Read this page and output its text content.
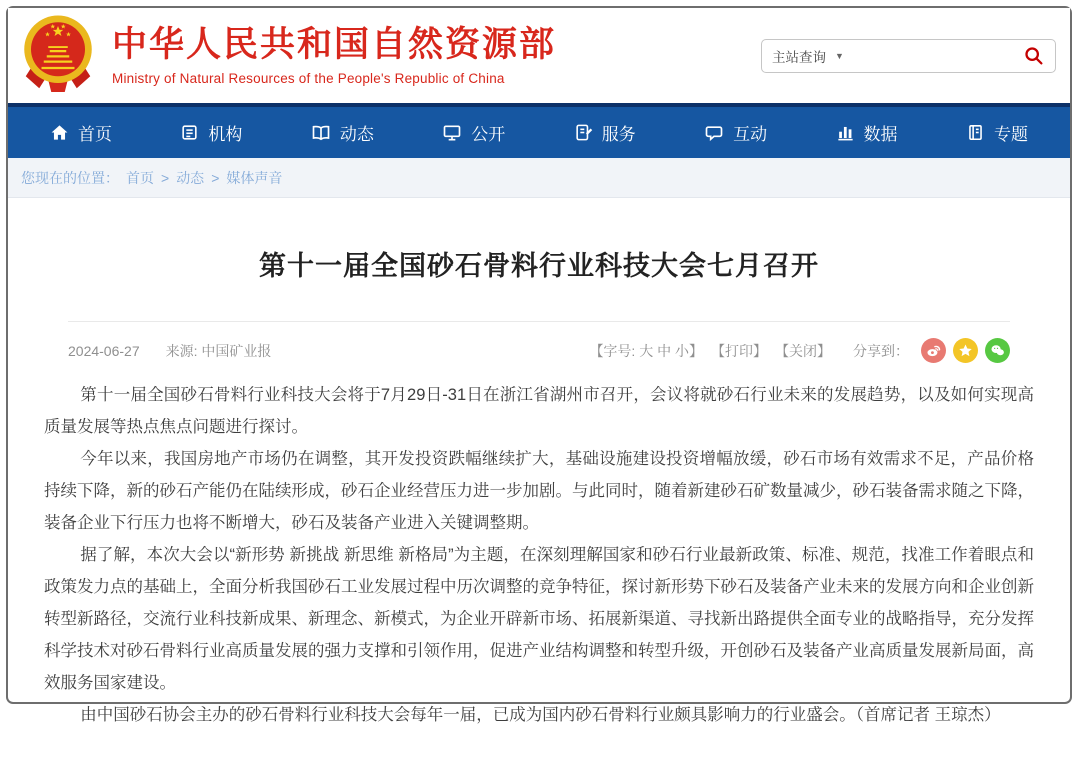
中华人民共和国自然资源部
Ministry of Natural Resources of the People's Republic of China
主站查询 ▼
首页	机构	动态	公开	服务	互动	数据	专题
您现在的位置： 首页 > 动态 > 媒体声音
第十一届全国砂石骨料行业科技大会七月召开
2024-06-27 来源: 中国矿业报	【字号: 大 中 小】 【打印】 【关闭】 分享到：

第十一届全国砂石骨料行业科技大会将于7月29日-31日在浙江省湖州市召开，会议将就砂石行业未来的发展趋势，以及如何实现高质量发展等热点焦点问题进行探讨。

今年以来，我国房地产市场仍在调整，其开发投资跌幅继续扩大，基础设施建设投资增幅放缓，砂石市场有效需求不足，产品价格持续下降，新的砂石产能仍在陆续形成，砂石企业经营压力进一步加剧。与此同时，随着新建砂石矿数量减少，砂石装备需求随之下降，装备企业下行压力也将不断增大，砂石及装备产业进入关键调整期。

据了解，本次大会以“新形势 新挑战 新思维 新格局”为主题，在深刻理解国家和砂石行业最新政策、标准、规范，找准工作着眼点和政策发力点的基础上，全面分析我国砂石工业发展过程中历次调整的竞争特征，探讨新形势下砂石及装备产业未来的发展方向和企业创新转型新路径，交流行业科技新成果、新理念、新模式，为企业开辟新市场、拓展新渠道、寻找新出路提供全面专业的战略指导，充分发挥科学技术对砂石骨料行业高质量发展的强力支撑和引领作用，促进产业结构调整和转型升级，开创砂石及装备产业高质量发展新局面，高效服务国家建设。

由中国砂石协会主办的砂石骨料行业科技大会每年一届，已成为国内砂石骨料行业颇具影响力的行业盛会。（首席记者 王琼杰）
